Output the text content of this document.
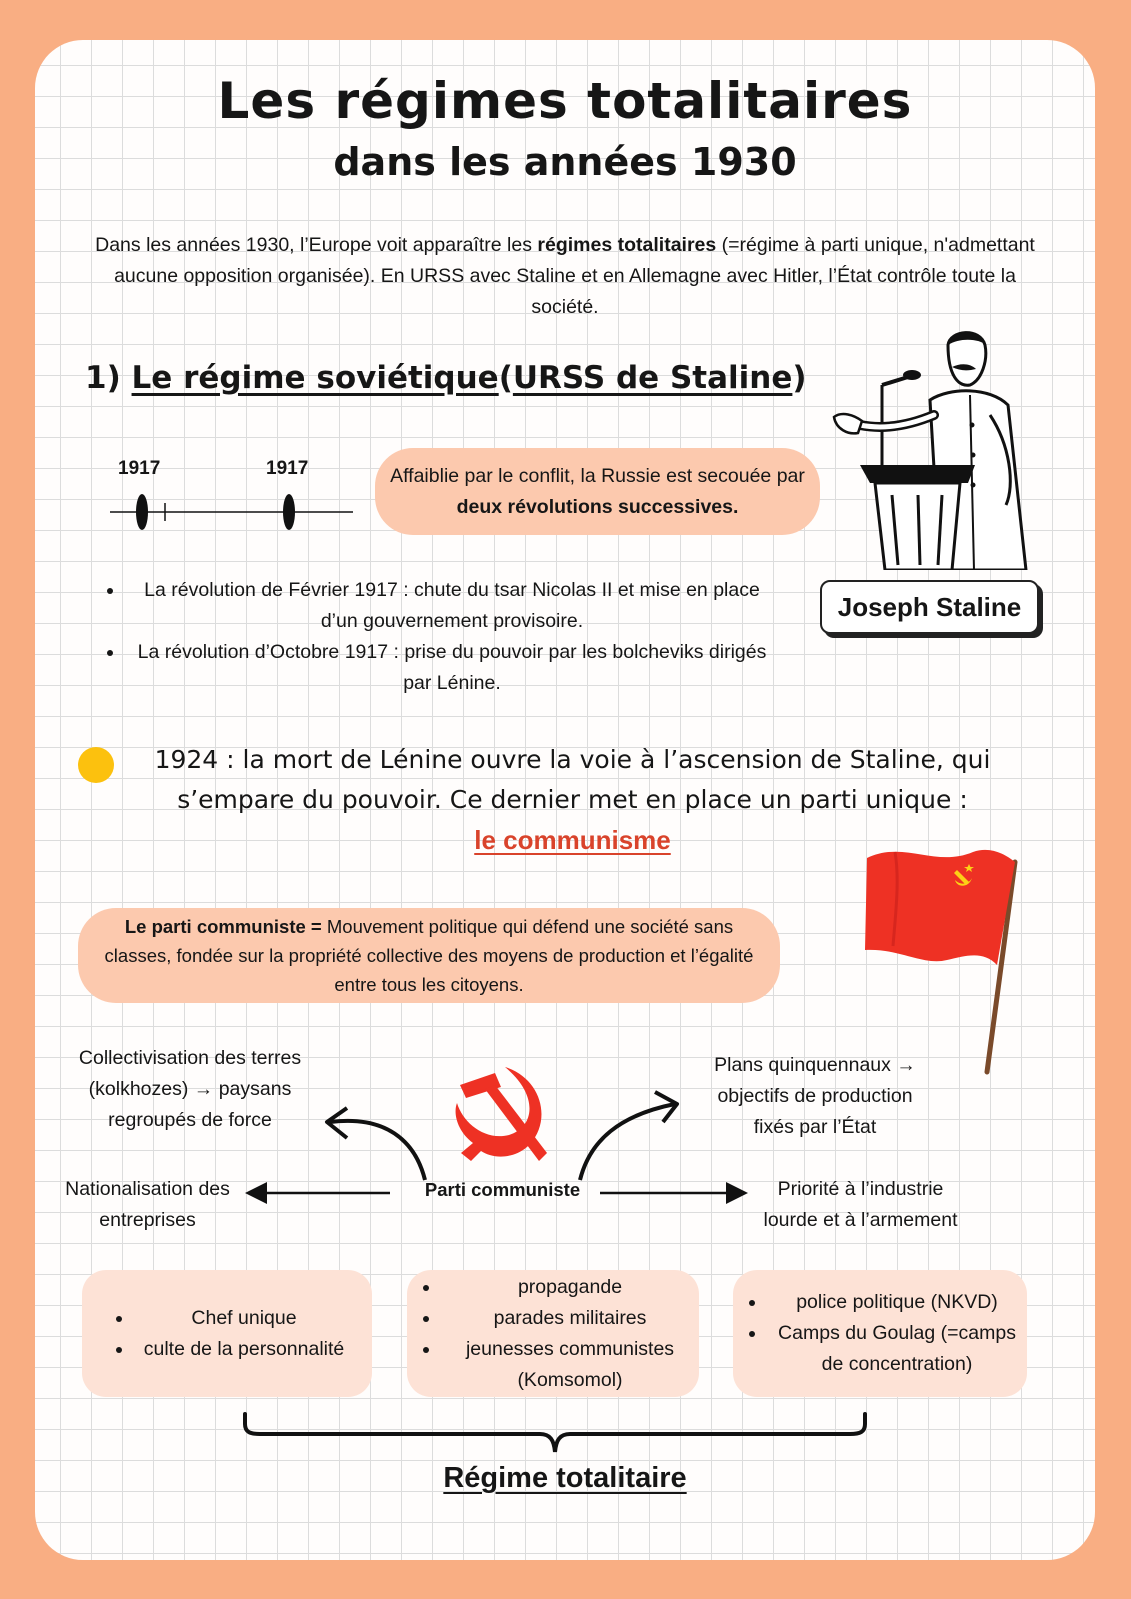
Les régimes totalitaires
dans les années 1930
Dans les années 1930, l’Europe voit apparaître les régimes totalitaires (=régime à parti unique, n'admettant aucune opposition organisée). En URSS avec Staline et en Allemagne avec Hitler, l’État contrôle toute la société.
1) Le régime soviétique(URSS de Staline)
1917	1917	Affaiblie par le conflit, la Russie est secouée par deux révolutions successives.
Joseph Staline
• La révolution de Février 1917 : chute du tsar Nicolas II et mise en place d’un gouvernement provisoire.
• La révolution d’Octobre 1917 : prise du pouvoir par les bolcheviks dirigés par Lénine.
1924 : la mort de Lénine ouvre la voie à l’ascension de Staline, qui s’empare du pouvoir. Ce dernier met en place un parti unique :
le communisme
Le parti communiste = Mouvement politique qui défend une société sans classes, fondée sur la propriété collective des moyens de production et l’égalité entre tous les citoyens.
Collectivisation des terres (kolkhozes) → paysans regroupés de force
Nationalisation des entreprises
Plans quinquennaux → objectifs de production fixés par l’État
Priorité à l’industrie lourde et à l’armement
Parti communiste
• Chef unique
• culte de la personnalité
• propagande
• parades militaires
• jeunesses communistes (Komsomol)
• police politique (NKVD)
• Camps du Goulag (=camps de concentration)
Régime totalitaire
